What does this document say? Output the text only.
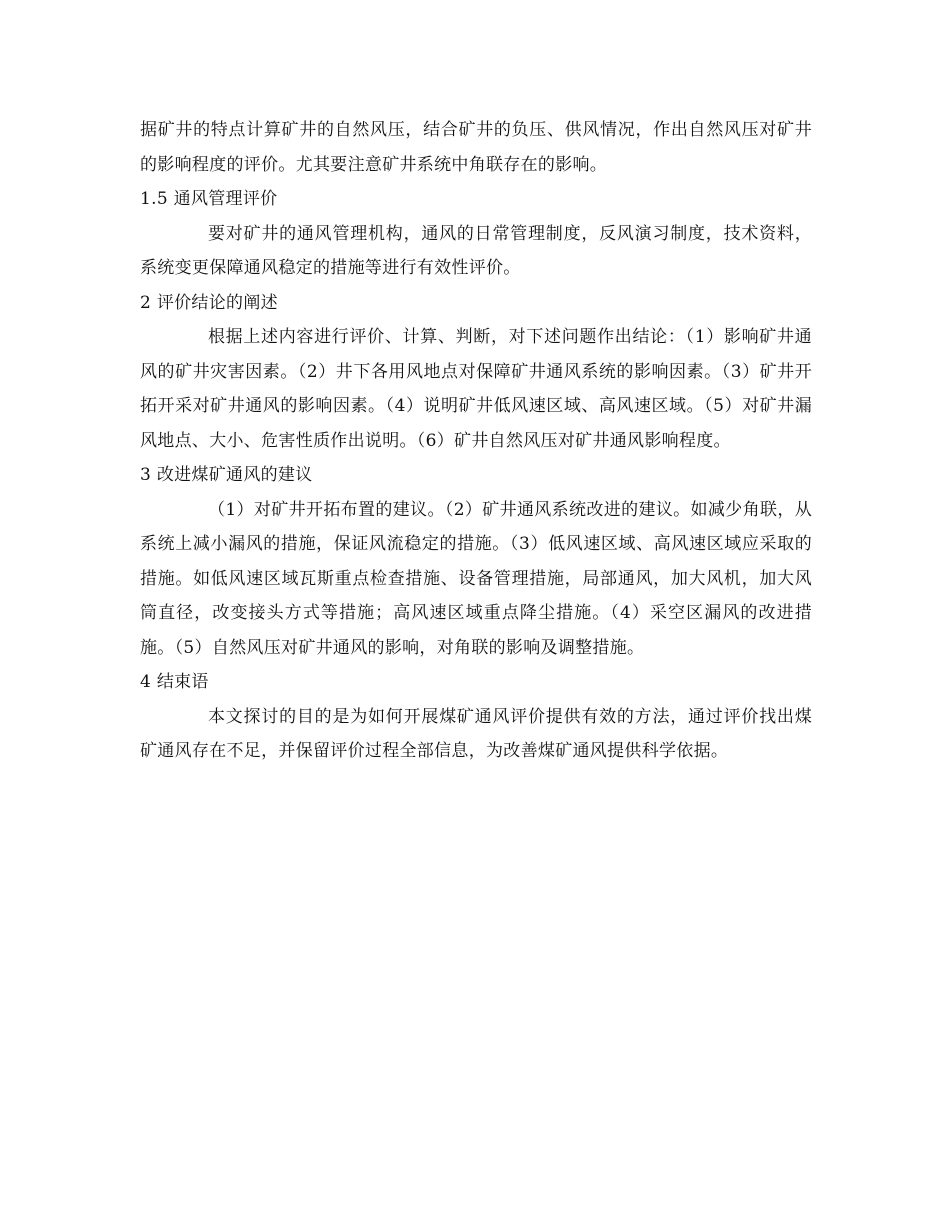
据矿井的特点计算矿井的自然风压，结合矿井的负压、供风情况，作出自然风压对矿井的影响程度的评价。尤其要注意矿井系统中角联存在的影响。

1.5 通风管理评价

要对矿井的通风管理机构，通风的日常管理制度，反风演习制度，技术资料，系统变更保障通风稳定的措施等进行有效性评价。

2 评价结论的阐述

根据上述内容进行评价、计算、判断，对下述问题作出结论：（1）影响矿井通风的矿井灾害因素。（2）井下各用风地点对保障矿井通风系统的影响因素。（3）矿井开拓开采对矿井通风的影响因素。（4）说明矿井低风速区域、高风速区域。（5）对矿井漏风地点、大小、危害性质作出说明。（6）矿井自然风压对矿井通风影响程度。

3 改进煤矿通风的建议

（1）对矿井开拓布置的建议。（2）矿井通风系统改进的建议。如减少角联，从系统上减小漏风的措施，保证风流稳定的措施。（3）低风速区域、高风速区域应采取的措施。如低风速区域瓦斯重点检查措施、设备管理措施，局部通风，加大风机，加大风筒直径，改变接头方式等措施；高风速区域重点降尘措施。（4）采空区漏风的改进措施。（5）自然风压对矿井通风的影响，对角联的影响及调整措施。

4 结束语

本文探讨的目的是为如何开展煤矿通风评价提供有效的方法，通过评价找出煤矿通风存在不足，并保留评价过程全部信息，为改善煤矿通风提供科学依据。
